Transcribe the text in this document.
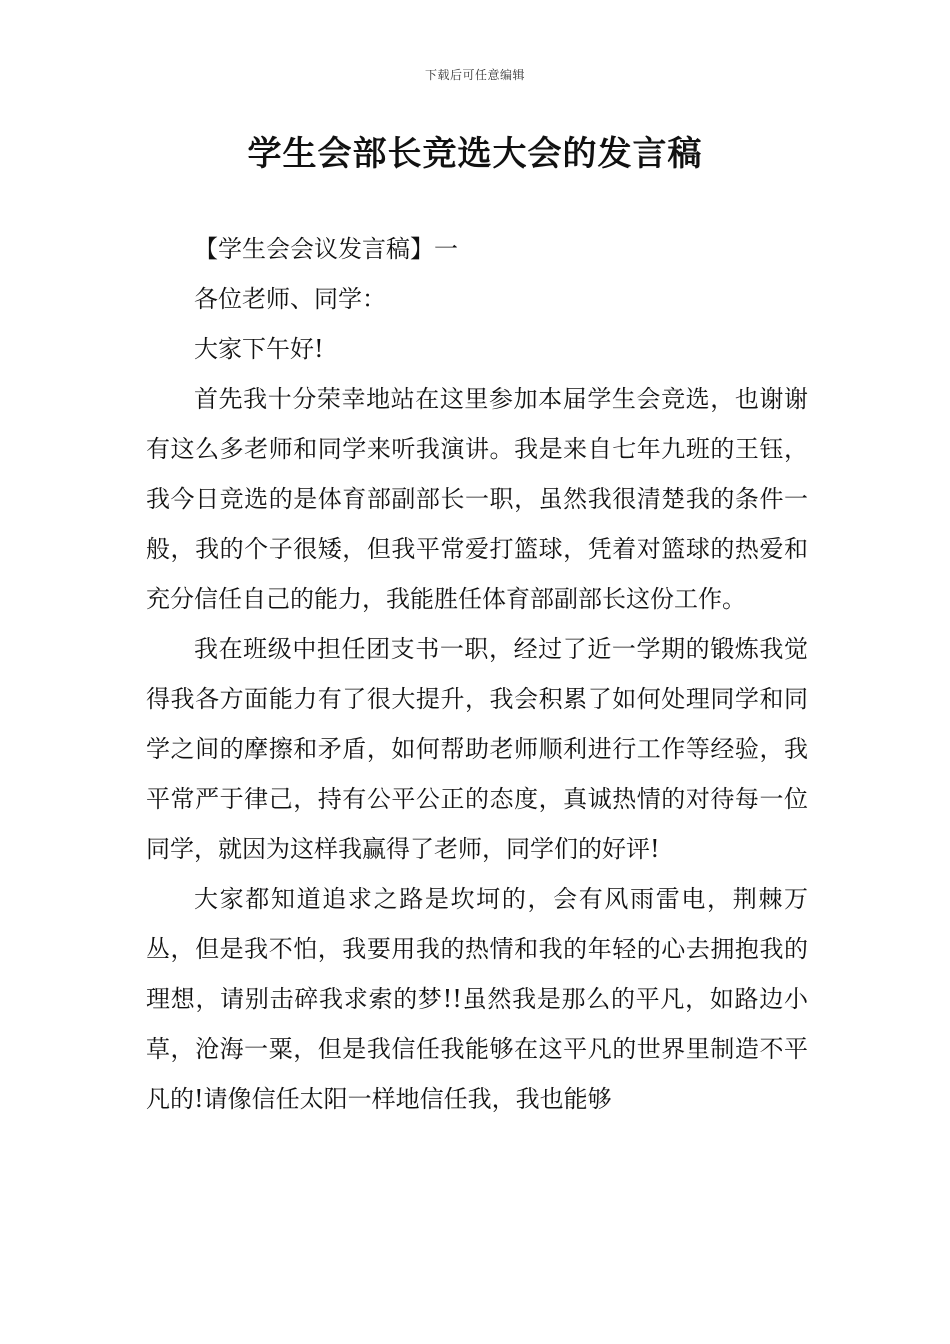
下载后可任意编辑
学生会部长竞选大会的发言稿

【学生会会议发言稿】一

各位老师、同学：

大家下午好!

首先我十分荣幸地站在这里参加本届学生会竞选，也谢谢有这么多老师和同学来听我演讲。我是来自七年九班的王钰，我今日竞选的是体育部副部长一职，虽然我很清楚我的条件一般，我的个子很矮，但我平常爱打篮球，凭着对篮球的热爱和充分信任自己的能力，我能胜任体育部副部长这份工作。

我在班级中担任团支书一职，经过了近一学期的锻炼我觉得我各方面能力有了很大提升，我会积累了如何处理同学和同学之间的摩擦和矛盾，如何帮助老师顺利进行工作等经验，我平常严于律己，持有公平公正的态度，真诚热情的对待每一位同学，就因为这样我赢得了老师，同学们的好评!

大家都知道追求之路是坎坷的，会有风雨雷电，荆棘万丛，但是我不怕，我要用我的热情和我的年轻的心去拥抱我的理想，请别击碎我求索的梦!!虽然我是那么的平凡，如路边小草，沧海一粟，但是我信任我能够在这平凡的世界里制造不平凡的!请像信任太阳一样地信任我，我也能够
